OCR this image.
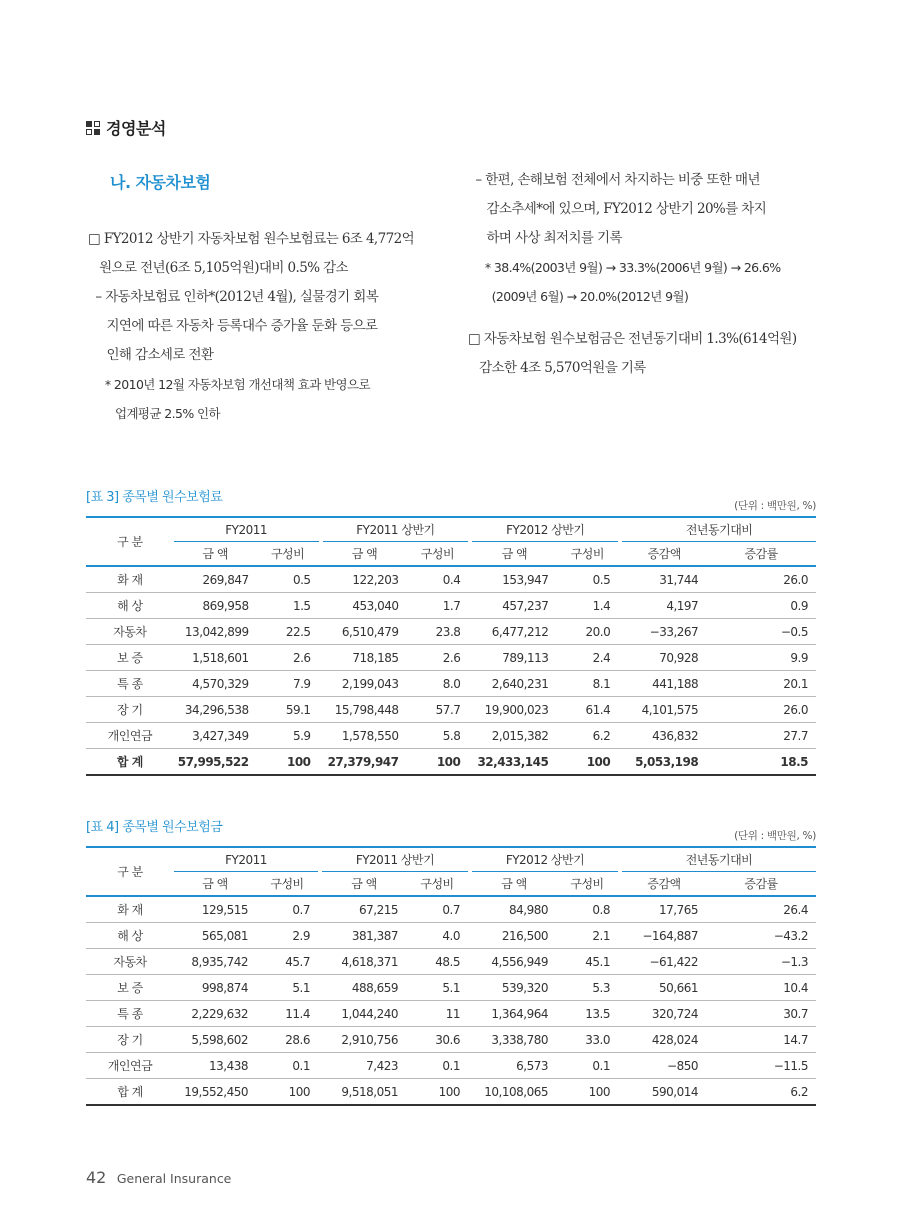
경영분석
나. 자동차보험
□ FY2012 상반기 자동차보험 원수보험료는 6조 4,772억
원으로 전년(6조 5,105억원)대비 0.5% 감소
– 자동차보험료 인하*(2012년 4월), 실물경기 회복
지연에 따른 자동차 등록대수 증가율 둔화 등으로
인해 감소세로 전환
* 2010년 12월 자동차보험 개선대책 효과 반영으로
업계평균 2.5% 인하
– 한편, 손해보험 전체에서 차지하는 비중 또한 매년
감소추세*에 있으며, FY2012 상반기 20%를 차지
하며 사상 최저치를 기록
* 38.4%(2003년 9월) → 33.3%(2006년 9월) → 26.6%
(2009년 6월) → 20.0%(2012년 9월)
□ 자동차보험 원수보험금은 전년동기대비 1.3%(614억원)
감소한 4조 5,570억원을 기록
[표 3] 종목별 원수보험료
(단위 : 백만원, %)
구 분	FY2011			FY2011 상반기			FY2012 상반기			전년동기대비	
	금 액	구성비		금 액	구성비		금 액	구성비		증감액	증감률
화 재	269,847	0.5		122,203	0.4		153,947	0.5		31,744	26.0
해 상	869,958	1.5		453,040	1.7		457,237	1.4		4,197	0.9
자동차	13,042,899	22.5		6,510,479	23.8		6,477,212	20.0		−33,267	−0.5
보 증	1,518,601	2.6		718,185	2.6		789,113	2.4		70,928	9.9
특 종	4,570,329	7.9		2,199,043	8.0		2,640,231	8.1		441,188	20.1
장 기	34,296,538	59.1		15,798,448	57.7		19,900,023	61.4		4,101,575	26.0
개인연금	3,427,349	5.9		1,578,550	5.8		2,015,382	6.2		436,832	27.7
합 계	57,995,522	100		27,379,947	100		32,433,145	100		5,053,198	18.5
[표 4] 종목별 원수보험금
(단위 : 백만원, %)
구 분	FY2011			FY2011 상반기			FY2012 상반기			전년동기대비	
	금 액	구성비		금 액	구성비		금 액	구성비		증감액	증감률
화 재	129,515	0.7		67,215	0.7		84,980	0.8		17,765	26.4
해 상	565,081	2.9		381,387	4.0		216,500	2.1		−164,887	−43.2
자동차	8,935,742	45.7		4,618,371	48.5		4,556,949	45.1		−61,422	−1.3
보 증	998,874	5.1		488,659	5.1		539,320	5.3		50,661	10.4
특 종	2,229,632	11.4		1,044,240	11		1,364,964	13.5		320,724	30.7
장 기	5,598,602	28.6		2,910,756	30.6		3,338,780	33.0		428,024	14.7
개인연금	13,438	0.1		7,423	0.1		6,573	0.1		−850	−11.5
합 계	19,552,450	100		9,518,051	100		10,108,065	100		590,014	6.2
42 General Insurance
